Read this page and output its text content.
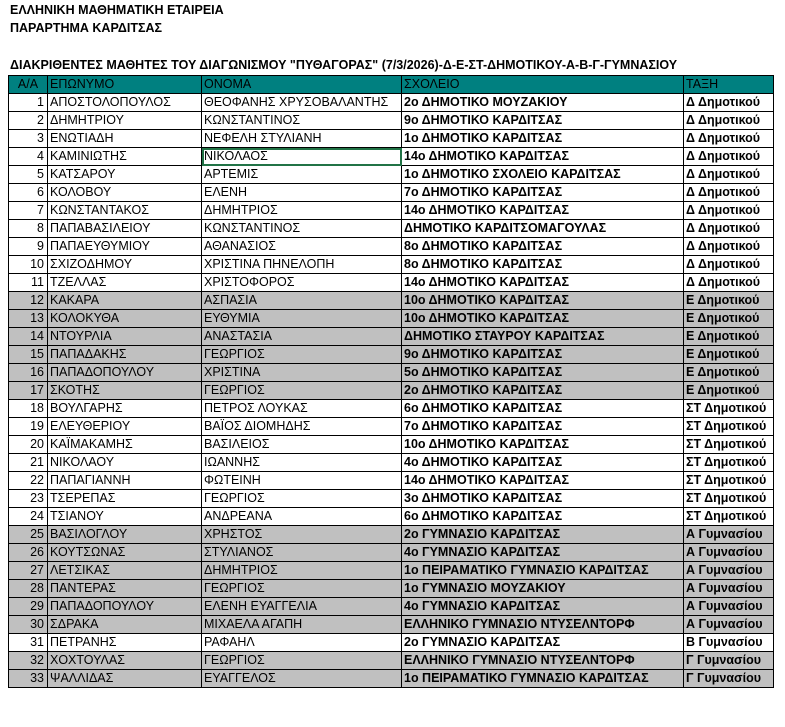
ΕΛΛΗΝΙΚΗ ΜΑΘΗΜΑΤΙΚΗ ΕΤΑΙΡΕΙΑ
ΠΑΡΑΡΤΗΜΑ ΚΑΡΔΙΤΣΑΣ
ΔΙΑΚΡΙΘΕΝΤΕΣ ΜΑΘΗΤΕΣ ΤΟΥ ΔΙΑΓΩΝΙΣΜΟΥ "ΠΥΘΑΓΟΡΑΣ" (7/3/2026)-Δ-Ε-ΣΤ-ΔΗΜΟΤΙΚΟΥ-Α-Β-Γ-ΓΥΜΝΑΣΙΟΥ
Α/Α	ΕΠΩΝΥΜΟ	ΟΝΟΜΑ	ΣΧΟΛΕΙΟ	ΤΑΞΗ
1	ΑΠΟΣΤΟΛΟΠΟΥΛΟΣ	ΘΕΟΦΑΝΗΣ ΧΡΥΣΟΒΑΛΑΝΤΗΣ	2ο ΔΗΜΟΤΙΚΟ ΜΟΥΖΑΚΙΟΥ	Δ Δημοτικού
2	ΔΗΜΗΤΡΙΟΥ	ΚΩΝΣΤΑΝΤΙΝΟΣ	9ο ΔΗΜΟΤΙΚΟ ΚΑΡΔΙΤΣΑΣ	Δ Δημοτικού
3	ΕΝΩΤΙΑΔΗ	ΝΕΦΕΛΗ ΣΤΥΛΙΑΝΗ	1ο ΔΗΜΟΤΙΚΟ ΚΑΡΔΙΤΣΑΣ	Δ Δημοτικού
4	ΚΑΜΙΝΙΩΤΗΣ	ΝΙΚΟΛΑΟΣ	14ο ΔΗΜΟΤΙΚΟ ΚΑΡΔΙΤΣΑΣ	Δ Δημοτικού
5	ΚΑΤΣΑΡΟΥ	ΑΡΤΕΜΙΣ	1ο ΔΗΜΟΤΙΚΟ ΣΧΟΛΕΙΟ ΚΑΡΔΙΤΣΑΣ	Δ Δημοτικού
6	ΚΟΛΟΒΟΥ	ΕΛΕΝΗ	7ο ΔΗΜΟΤΙΚΟ ΚΑΡΔΙΤΣΑΣ	Δ Δημοτικού
7	ΚΩΝΣΤΑΝΤΑΚΟΣ	ΔΗΜΗΤΡΙΟΣ	14ο ΔΗΜΟΤΙΚΟ ΚΑΡΔΙΤΣΑΣ	Δ Δημοτικού
8	ΠΑΠΑΒΑΣΙΛΕΙΟΥ	ΚΩΝΣΤΑΝΤΙΝΟΣ	ΔΗΜΟΤΙΚΟ ΚΑΡΔΙΤΣΟΜΑΓΟΥΛΑΣ	Δ Δημοτικού
9	ΠΑΠΑΕΥΘΥΜΙΟΥ	ΑΘΑΝΑΣΙΟΣ	8ο ΔΗΜΟΤΙΚΟ ΚΑΡΔΙΤΣΑΣ	Δ Δημοτικού
10	ΣΧΙΖΟΔΗΜΟΥ	ΧΡΙΣΤΙΝΑ ΠΗΝΕΛΟΠΗ	8ο ΔΗΜΟΤΙΚΟ ΚΑΡΔΙΤΣΑΣ	Δ Δημοτικού
11	ΤΖΕΛΛΑΣ	ΧΡΙΣΤΟΦΟΡΟΣ	14ο ΔΗΜΟΤΙΚΟ ΚΑΡΔΙΤΣΑΣ	Δ Δημοτικού
12	ΚΑΚΑΡΑ	ΑΣΠΑΣΙΑ	10ο ΔΗΜΟΤΙΚΟ ΚΑΡΔΙΤΣΑΣ	Ε Δημοτικού
13	ΚΟΛΟΚΥΘΑ	ΕΥΘΥΜΙΑ	10ο ΔΗΜΟΤΙΚΟ ΚΑΡΔΙΤΣΑΣ	Ε Δημοτικού
14	ΝΤΟΥΡΛΙΑ	ΑΝΑΣΤΑΣΙΑ	ΔΗΜΟΤΙΚΟ ΣΤΑΥΡΟΥ ΚΑΡΔΙΤΣΑΣ	Ε Δημοτικού
15	ΠΑΠΑΔΑΚΗΣ	ΓΕΩΡΓΙΟΣ	9ο ΔΗΜΟΤΙΚΟ ΚΑΡΔΙΤΣΑΣ	Ε Δημοτικού
16	ΠΑΠΑΔΟΠΟΥΛΟΥ	ΧΡΙΣΤΙΝΑ	5ο ΔΗΜΟΤΙΚΟ ΚΑΡΔΙΤΣΑΣ	Ε Δημοτικού
17	ΣΚΟΤΗΣ	ΓΕΩΡΓΙΟΣ	2ο ΔΗΜΟΤΙΚΟ ΚΑΡΔΙΤΣΑΣ	Ε Δημοτικού
18	ΒΟΥΛΓΑΡΗΣ	ΠΕΤΡΟΣ ΛΟΥΚΑΣ	6ο ΔΗΜΟΤΙΚΟ ΚΑΡΔΙΤΣΑΣ	ΣΤ Δημοτικού
19	ΕΛΕΥΘΕΡΙΟΥ	ΒΑΪΟΣ ΔΙΟΜΗΔΗΣ	7ο ΔΗΜΟΤΙΚΟ ΚΑΡΔΙΤΣΑΣ	ΣΤ Δημοτικού
20	ΚΑΪΜΑΚΑΜΗΣ	ΒΑΣΙΛΕΙΟΣ	10ο ΔΗΜΟΤΙΚΟ ΚΑΡΔΙΤΣΑΣ	ΣΤ Δημοτικού
21	ΝΙΚΟΛΑΟΥ	ΙΩΑΝΝΗΣ	4ο ΔΗΜΟΤΙΚΟ ΚΑΡΔΙΤΣΑΣ	ΣΤ Δημοτικού
22	ΠΑΠΑΓΙΑΝΝΗ	ΦΩΤΕΙΝΗ	14ο ΔΗΜΟΤΙΚΟ ΚΑΡΔΙΤΣΑΣ	ΣΤ Δημοτικού
23	ΤΣΕΡΕΠΑΣ	ΓΕΩΡΓΙΟΣ	3ο ΔΗΜΟΤΙΚΟ ΚΑΡΔΙΤΣΑΣ	ΣΤ Δημοτικού
24	ΤΣΙΑΝΟΥ	ΑΝΔΡΕΑΝΑ	6ο ΔΗΜΟΤΙΚΟ ΚΑΡΔΙΤΣΑΣ	ΣΤ Δημοτικού
25	ΒΑΣΙΛΟΓΛΟΥ	ΧΡΗΣΤΟΣ	2ο ΓΥΜΝΑΣΙΟ ΚΑΡΔΙΤΣΑΣ	Α Γυμνασίου
26	ΚΟΥΤΣΩΝΑΣ	ΣΤΥΛΙΑΝΟΣ	4ο ΓΥΜΝΑΣΙΟ ΚΑΡΔΙΤΣΑΣ	Α Γυμνασίου
27	ΛΕΤΣΙΚΑΣ	ΔΗΜΗΤΡΙΟΣ	1ο ΠΕΙΡΑΜΑΤΙΚΟ ΓΥΜΝΑΣΙΟ ΚΑΡΔΙΤΣΑΣ	Α Γυμνασίου
28	ΠΑΝΤΕΡΑΣ	ΓΕΩΡΓΙΟΣ	1ο ΓΥΜΝΑΣΙΟ ΜΟΥΖΑΚΙΟΥ	Α Γυμνασίου
29	ΠΑΠΑΔΟΠΟΥΛΟΥ	ΕΛΕΝΗ ΕΥΑΓΓΕΛΙΑ	4ο ΓΥΜΝΑΣΙΟ ΚΑΡΔΙΤΣΑΣ	Α Γυμνασίου
30	ΣΔΡΑΚΑ	ΜΙΧΑΕΛΑ ΑΓΑΠΗ	ΕΛΛΗΝΙΚΟ ΓΥΜΝΑΣΙΟ ΝΤΥΣΕΛΝΤΟΡΦ	Α Γυμνασίου
31	ΠΕΤΡΑΝΗΣ	ΡΑΦΑΗΛ	2ο ΓΥΜΝΑΣΙΟ ΚΑΡΔΙΤΣΑΣ	Β Γυμνασίου
32	ΧΟΧΤΟΥΛΑΣ	ΓΕΩΡΓΙΟΣ	ΕΛΛΗΝΙΚΟ ΓΥΜΝΑΣΙΟ ΝΤΥΣΕΛΝΤΟΡΦ	Γ Γυμνασίου
33	ΨΑΛΛΙΔΑΣ	ΕΥΑΓΓΕΛΟΣ	1ο ΠΕΙΡΑΜΑΤΙΚΟ ΓΥΜΝΑΣΙΟ ΚΑΡΔΙΤΣΑΣ	Γ Γυμνασίου
